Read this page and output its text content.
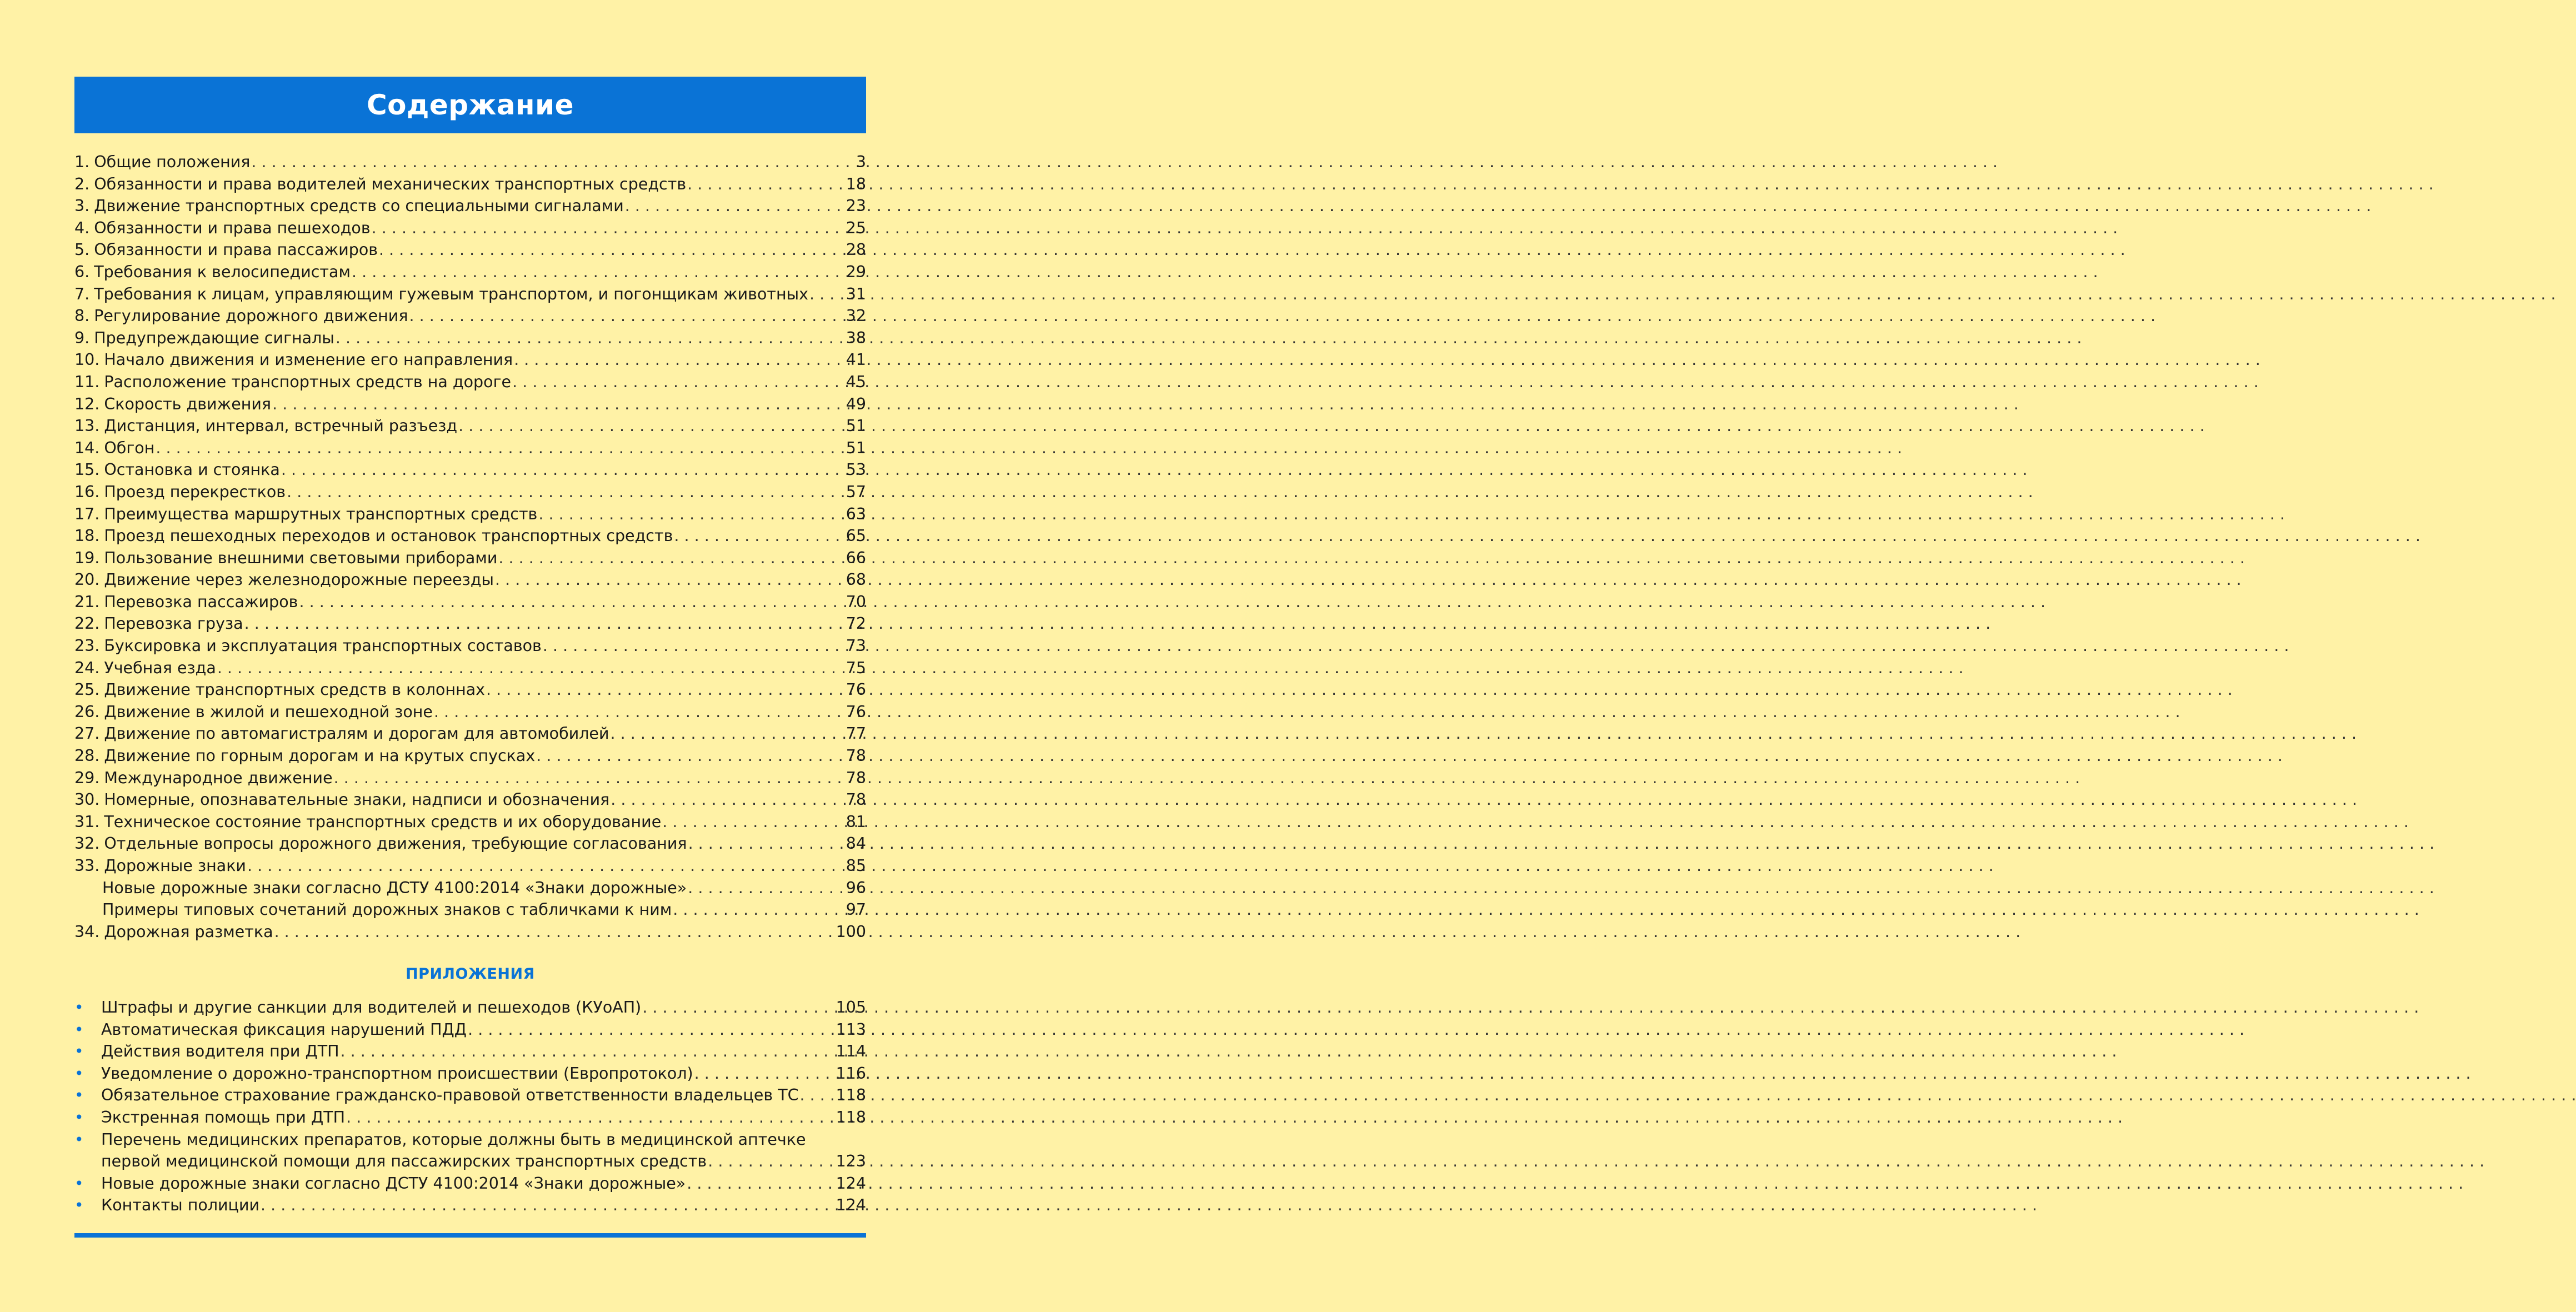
Содержание
1. Общие положения . . .	3
2. Обязанности и права водителей механических транспортных средств . . .	18
3. Движение транспортных средств со специальными сигналами . . .	23
4. Обязанности и права пешеходов . . .	25
5. Обязанности и права пассажиров . . .	28
6. Требования к велосипедистам . . .	29
7. Требования к лицам, управляющим гужевым транспортом, и погонщикам животных . . . 31
8. Регулирование дорожного движения . . .	32
9. Предупреждающие сигналы . . .	38
10. Начало движения и изменение его направления . . .	41
11. Расположение транспортных средств на дороге . . .	45
12. Скорость движения . . .	49
13. Дистанция, интервал, встречный разъезд . . .	51
14. Обгон . . .	51
15. Остановка и стоянка . . .	53
16. Проезд перекрестков . . .	57
17. Преимущества маршрутных транспортных средств . . .	63
18. Проезд пешеходных переходов и остановок транспортных средств . . .	65
19. Пользование внешними световыми приборами . . .	66
20. Движение через железнодорожные переезды . . .	68
21. Перевозка пассажиров . . .	70
22. Перевозка груза . . .	72
23. Буксировка и эксплуатация транспортных составов . . .	73
24. Учебная езда . . .	75
25. Движение транспортных средств в колоннах . . .	76
26. Движение в жилой и пешеходной зоне . . .	76
27. Движение по автомагистралям и дорогам для автомобилей . . .	77
28. Движение по горным дорогам и на крутых спусках . . .	78
29. Международное движение . . .	78
30. Номерные, опознавательные знаки, надписи и обозначения . . .	78
31. Техническое состояние транспортных средств и их оборудование . . .	81
32. Отдельные вопросы дорожного движения, требующие согласования . . .	84
33. Дорожные знаки . . .	85
Новые дорожные знаки согласно ДСТУ 4100:2014 «Знаки дорожные» . . .	96
Примеры типовых сочетаний дорожных знаков с табличками к ним . . .	97
34. Дорожная разметка . . .	100
ПРИЛОЖЕНИЯ
•	Штрафы и другие санкции для водителей и пешеходов (КУоАП) . . .	105
•	Автоматическая фиксация нарушений ПДД . . .	113
•	Действия водителя при ДТП . . .	114
•	Уведомление о дорожно-транспортном происшествии (Европротокол) . . .	116
•	Обязательное страхование гражданско-правовой ответственности владельцев ТС . . . 118
•	Экстренная помощь при ДТП . . .	118
•	Перечень медицинских препаратов, которые должны быть в медицинской аптечке
первой медицинской помощи для пассажирских транспортных средств . . .	123
•	Новые дорожные знаки согласно ДСТУ 4100:2014 «Знаки дорожные» . . .	124
•	Контакты полиции . . .	124
